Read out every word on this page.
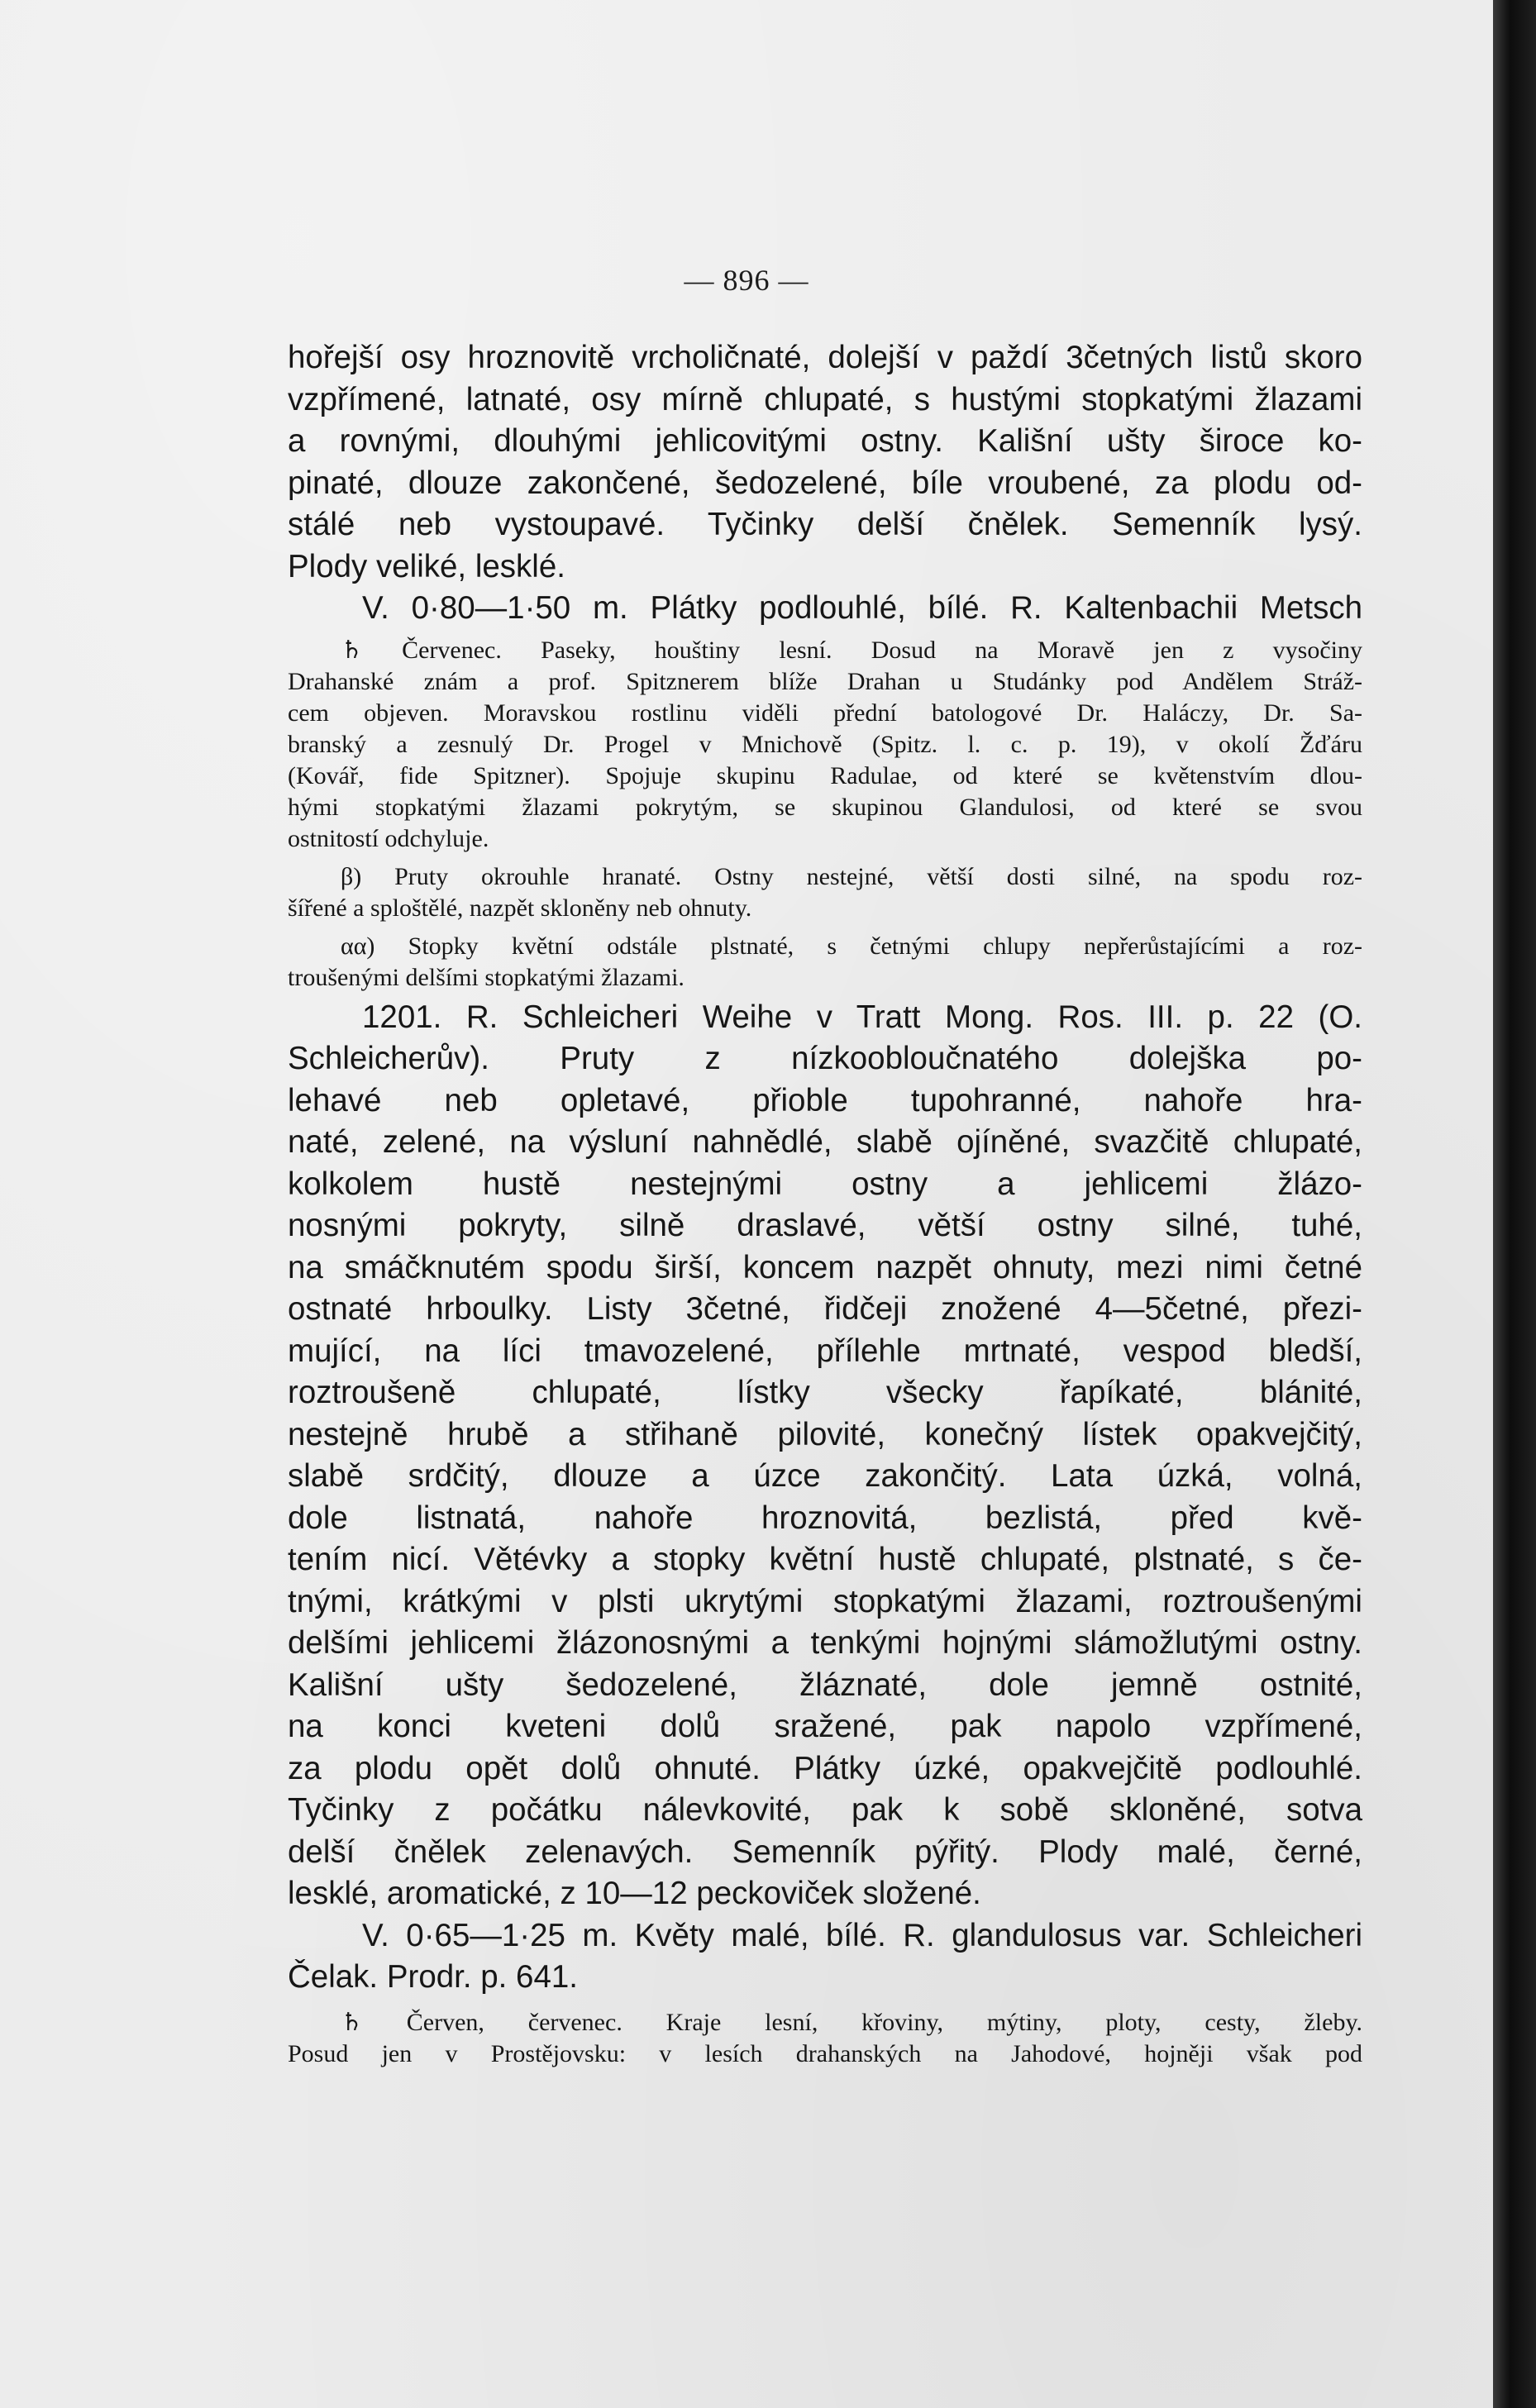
— 896 —
hořejší osy hroznovitě vrcholičnaté, dolejší v paždí 3četných listů skoro
vzpřímené, latnaté, osy mírně chlupaté, s hustými stopkatými žlazami
a rovnými, dlouhými jehlicovitými ostny. Kališní ušty široce ko-
pinaté, dlouze zakončené, šedozelené, bíle vroubené, za plodu od-
stálé neb vystoupavé. Tyčinky delší čnělek. Semenník lysý.
Plody veliké, lesklé.
V. 0·80—1·50 m. Plátky podlouhlé, bílé. R. Kaltenbachii Metsch
♄ Červenec. Paseky, houštiny lesní. Dosud na Moravě jen z vysočiny
Drahanské znám a prof. Spitznerem blíže Drahan u Studánky pod Andělem Stráž-
cem objeven. Moravskou rostlinu viděli přední batologové Dr. Haláczy, Dr. Sa-
branský a zesnulý Dr. Progel v Mnichově (Spitz. l. c. p. 19), v okolí Žďáru
(Kovář, fide Spitzner). Spojuje skupinu Radulae, od které se květenstvím dlou-
hými stopkatými žlazami pokrytým, se skupinou Glandulosi, od které se svou
ostnitostí odchyluje.
β) Pruty okrouhle hranaté. Ostny nestejné, větší dosti silné, na spodu roz-
šířené a sploštělé, nazpět skloněny neb ohnuty.
αα) Stopky květní odstále plstnaté, s četnými chlupy nepřerůstajícími a roz-
troušenými delšími stopkatými žlazami.
1201. R. Schleicheri Weihe v Tratt Mong. Ros. III. p. 22 (O.
Schleicherův). Pruty z nízkoobloučnatého dolejška po-
lehavé neb opletavé, přioble tupohranné, nahoře hra-
naté, zelené, na výsluní nahnědlé, slabě ojíněné, svazčitě chlupaté,
kolkolem hustě nestejnými ostny a jehlicemi žlázo-
nosnými pokryty, silně draslavé, větší ostny silné, tuhé,
na smáčknutém spodu širší, koncem nazpět ohnuty, mezi nimi četné
ostnaté hrboulky. Listy 3četné, řidčeji znožené 4—5četné, přezi-
mující, na líci tmavozelené, přílehle mrtnaté, vespod bledší,
roztroušeně chlupaté, lístky všecky řapíkaté, blánité,
nestejně hrubě a střihaně pilovité, konečný lístek opakvejčitý,
slabě srdčitý, dlouze a úzce zakončitý. Lata úzká, volná,
dole listnatá, nahoře hroznovitá, bezlistá, před kvě-
tením nicí. Větévky a stopky květní hustě chlupaté, plstnaté, s če-
tnými, krátkými v plsti ukrytými stopkatými žlazami, roztroušenými
delšími jehlicemi žlázonosnými a tenkými hojnými slámožlutými ostny.
Kališní ušty šedozelené, žláznaté, dole jemně ostnité,
na konci kveteni dolů sražené, pak napolo vzpřímené,
za plodu opět dolů ohnuté. Plátky úzké, opakvejčitě podlouhlé.
Tyčinky z počátku nálevkovité, pak k sobě skloněné, sotva
delší čnělek zelenavých. Semenník pýřitý. Plody malé, černé,
lesklé, aromatické, z 10—12 peckoviček složené.
V. 0·65—1·25 m. Květy malé, bílé. R. glandulosus var. Schleicheri
Čelak. Prodr. p. 641.
♄ Červen, červenec. Kraje lesní, křoviny, mýtiny, ploty, cesty, žleby.
Posud jen v Prostějovsku: v lesích drahanských na Jahodové, hojněji však pod
